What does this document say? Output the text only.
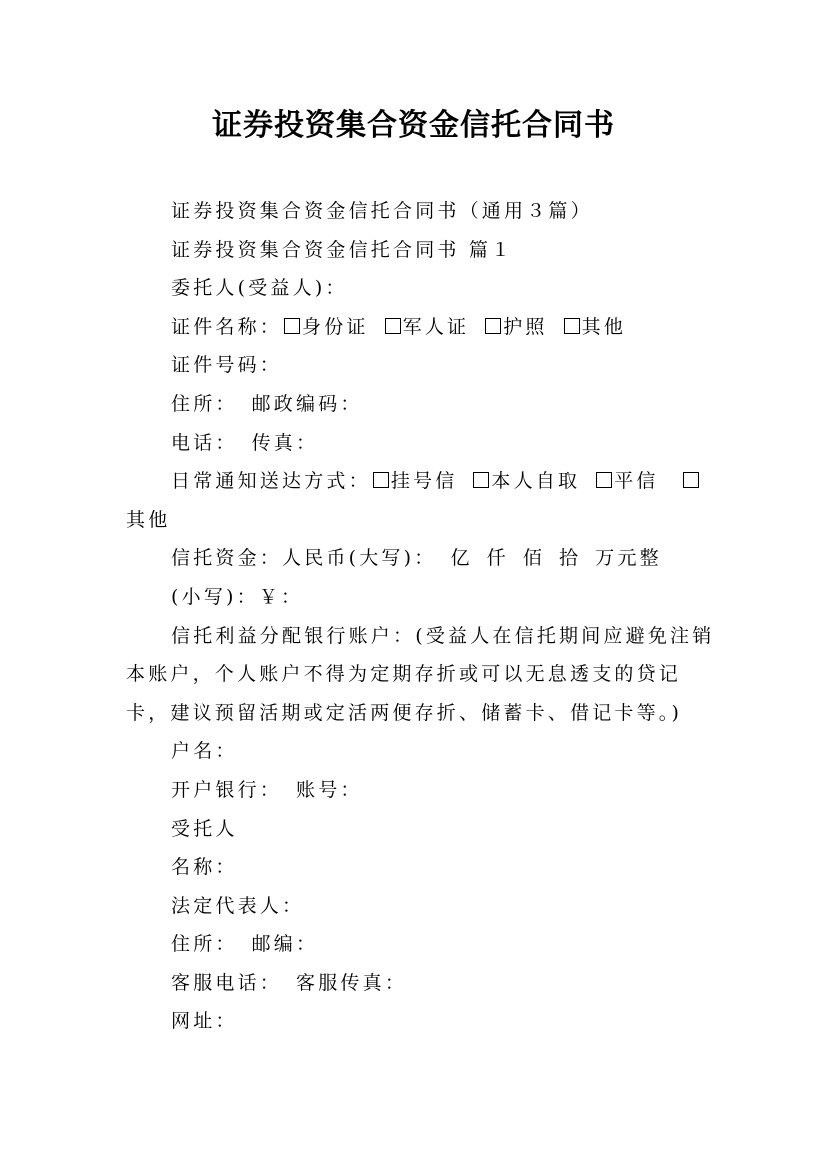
证券投资集合资金信托合同书

证券投资集合资金信托合同书（通用３篇）

证券投资集合资金信托合同书 篇１

委托人(受益人)：

证件名称： 身份证 军人证 护照 其他

证件号码：

住所： 邮政编码：

电话： 传真：

日常通知送达方式： 挂号信 本人自取 平信其他

信托资金：人民币(大写)： 亿 仟 佰 拾 万元整

(小写)：￥：

信托利益分配银行账户：(受益人在信托期间应避免注销本账户，个人账户不得为定期存折或可以无息透支的贷记卡，建议预留活期或定活两便存折、储蓄卡、借记卡等。)

户名：

开户银行： 账号：

受托人

名称：

法定代表人：

住所： 邮编：

客服电话： 客服传真：

网址：
